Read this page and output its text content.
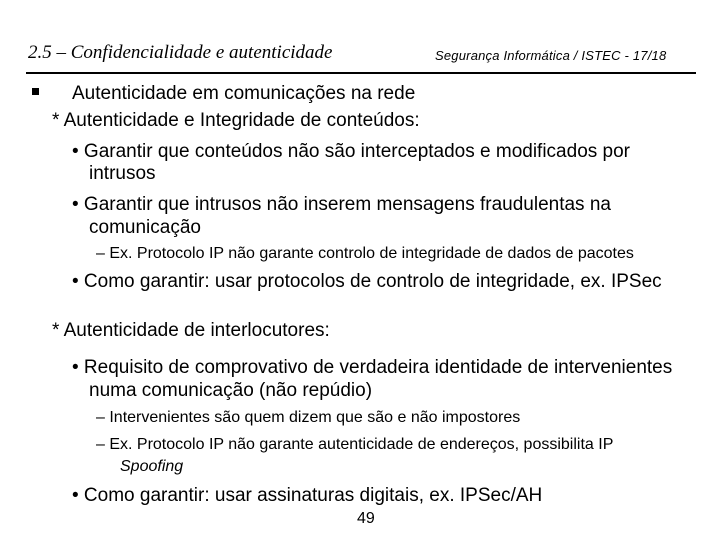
2.5 – Confidencialidade e autenticidade	Segurança Informática / ISTEC - 17/18
Autenticidade em comunicações na rede
* Autenticidade e Integridade de conteúdos:
• Garantir que conteúdos não são interceptados e modificados por
intrusos
• Garantir que intrusos não inserem mensagens fraudulentas na
comunicação
– Ex. Protocolo IP não garante controlo de integridade de dados de pacotes
• Como garantir: usar protocolos de controlo de integridade, ex. IPSec
* Autenticidade de interlocutores:
• Requisito de comprovativo de verdadeira identidade de intervenientes
numa comunicação (não repúdio)
– Intervenientes são quem dizem que são e não impostores
– Ex. Protocolo IP não garante autenticidade de endereços, possibilita IP
Spoofing
• Como garantir: usar assinaturas digitais, ex. IPSec/AH
49
